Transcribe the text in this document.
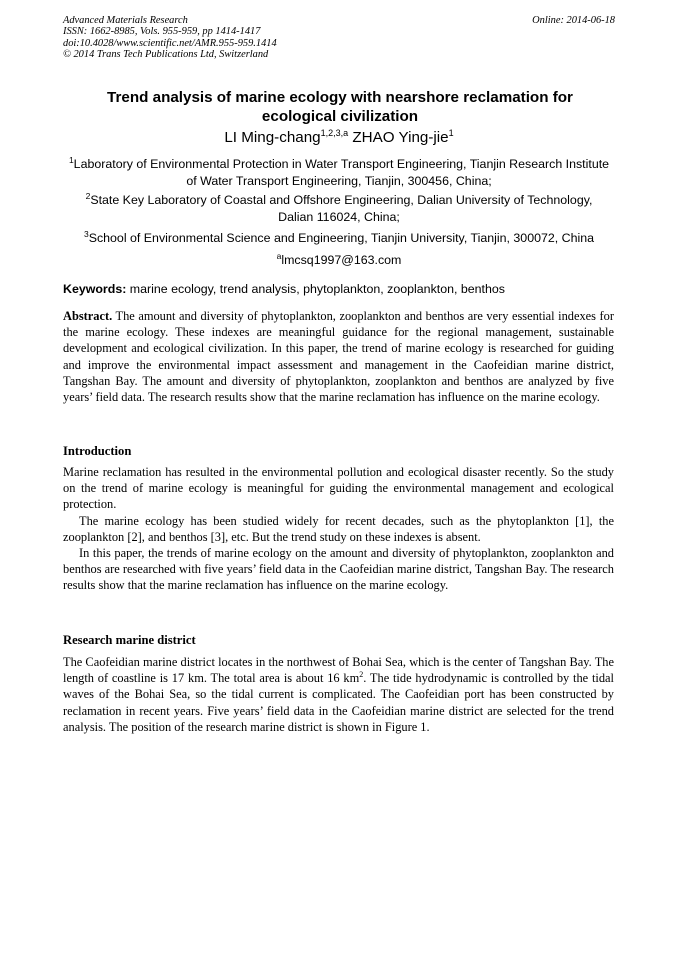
Advanced Materials Research	Online: 2014-06-18
ISSN: 1662-8985, Vols. 955-959, pp 1414-1417
doi:10.4028/www.scientific.net/AMR.955-959.1414
© 2014 Trans Tech Publications Ltd, Switzerland
Trend analysis of marine ecology with nearshore reclamation for
ecological civilization
LI Ming-chang$^{1,2,3,a}$ ZHAO Ying-jie$^1$
$^1$Laboratory of Environmental Protection in Water Transport Engineering, Tianjin Research Institute of Water Transport Engineering, Tianjin, 300456, China;
$^2$State Key Laboratory of Coastal and Offshore Engineering, Dalian University of Technology,
Dalian 116024, China;
$^3$School of Environmental Science and Engineering, Tianjin University, Tianjin, 300072, China
$^a$lmcsq1997@163.com
Keywords: marine ecology, trend analysis, phytoplankton, zooplankton, benthos

Abstract. The amount and diversity of phytoplankton, zooplankton and benthos are very essential indexes for the marine ecology. These indexes are meaningful guidance for the regional management, sustainable development and ecological civilization. In this paper, the trend of marine ecology is researched for guiding and improve the environmental impact assessment and management in the Caofeidian marine district, Tangshan Bay. The amount and diversity of phytoplankton, zooplankton and benthos are analyzed by five years’ field data. The research results show that the marine reclamation has influence on the marine ecology.

Introduction

Marine reclamation has resulted in the environmental pollution and ecological disaster recently. So the study on the trend of marine ecology is meaningful for guiding the environmental management and ecological protection.

The marine ecology has been studied widely for recent decades, such as the phytoplankton [1], the zooplankton [2], and benthos [3], etc. But the trend study on these indexes is absent.

In this paper, the trends of marine ecology on the amount and diversity of phytoplankton, zooplankton and benthos are researched with five years’ field data in the Caofeidian marine district, Tangshan Bay. The research results show that the marine reclamation has influence on the marine ecology.

Research marine district

The Caofeidian marine district locates in the northwest of Bohai Sea, which is the center of Tangshan Bay. The length of coastline is 17 km. The total area is about 16 $km^2$. The tide hydrodynamic is controlled by the tidal waves of the Bohai Sea, so the tidal current is complicated. The Caofeidian port has been constructed by reclamation in recent years. Five years’ field data in the Caofeidian marine district are selected for the trend analysis. The position of the research marine district is shown in Figure 1.
